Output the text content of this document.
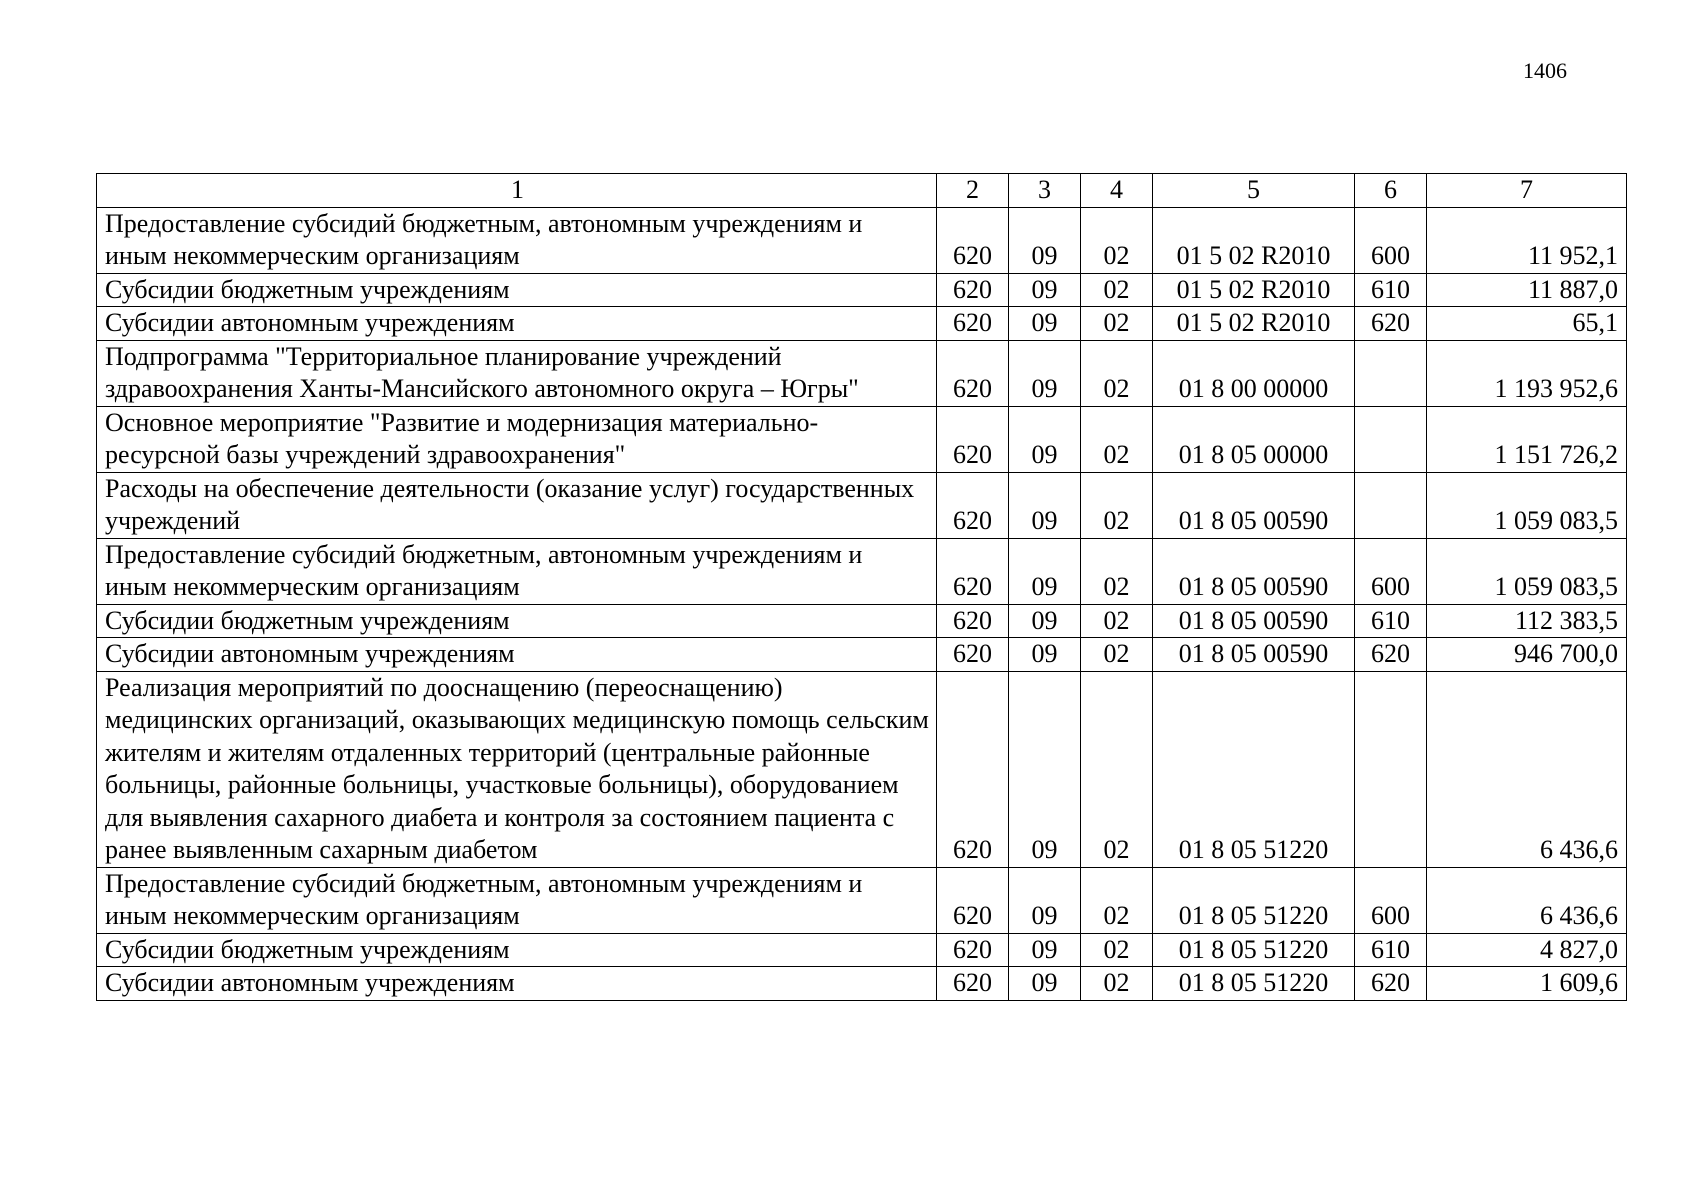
1406
1	2	3	4	5	6	7
Предоставление субсидий бюджетным, автономным учреждениям и иным некоммерческим организациям	620	09	02	01 5 02 R2010	600	11 952,1
Субсидии бюджетным учреждениям	620	09	02	01 5 02 R2010	610	11 887,0
Субсидии автономным учреждениям	620	09	02	01 5 02 R2010	620	65,1
Подпрограмма "Территориальное планирование учреждений здравоохранения Ханты-Мансийского автономного округа – Югры"	620	09	02	01 8 00 00000		1 193 952,6
Основное мероприятие "Развитие и модернизация материально-ресурсной базы учреждений здравоохранения"	620	09	02	01 8 05 00000		1 151 726,2
Расходы на обеспечение деятельности (оказание услуг) государственных учреждений	620	09	02	01 8 05 00590		1 059 083,5
Предоставление субсидий бюджетным, автономным учреждениям и иным некоммерческим организациям	620	09	02	01 8 05 00590	600	1 059 083,5
Субсидии бюджетным учреждениям	620	09	02	01 8 05 00590	610	112 383,5
Субсидии автономным учреждениям	620	09	02	01 8 05 00590	620	946 700,0
Реализация мероприятий по дооснащению (переоснащению) медицинских организаций, оказывающих медицинскую помощь сельским жителям и жителям отдаленных территорий (центральные районные больницы, районные больницы, участковые больницы), оборудованием для выявления сахарного диабета и контроля за состоянием пациента с ранее выявленным сахарным диабетом	620	09	02	01 8 05 51220		6 436,6
Предоставление субсидий бюджетным, автономным учреждениям и иным некоммерческим организациям	620	09	02	01 8 05 51220	600	6 436,6
Субсидии бюджетным учреждениям	620	09	02	01 8 05 51220	610	4 827,0
Субсидии автономным учреждениям	620	09	02	01 8 05 51220	620	1 609,6
